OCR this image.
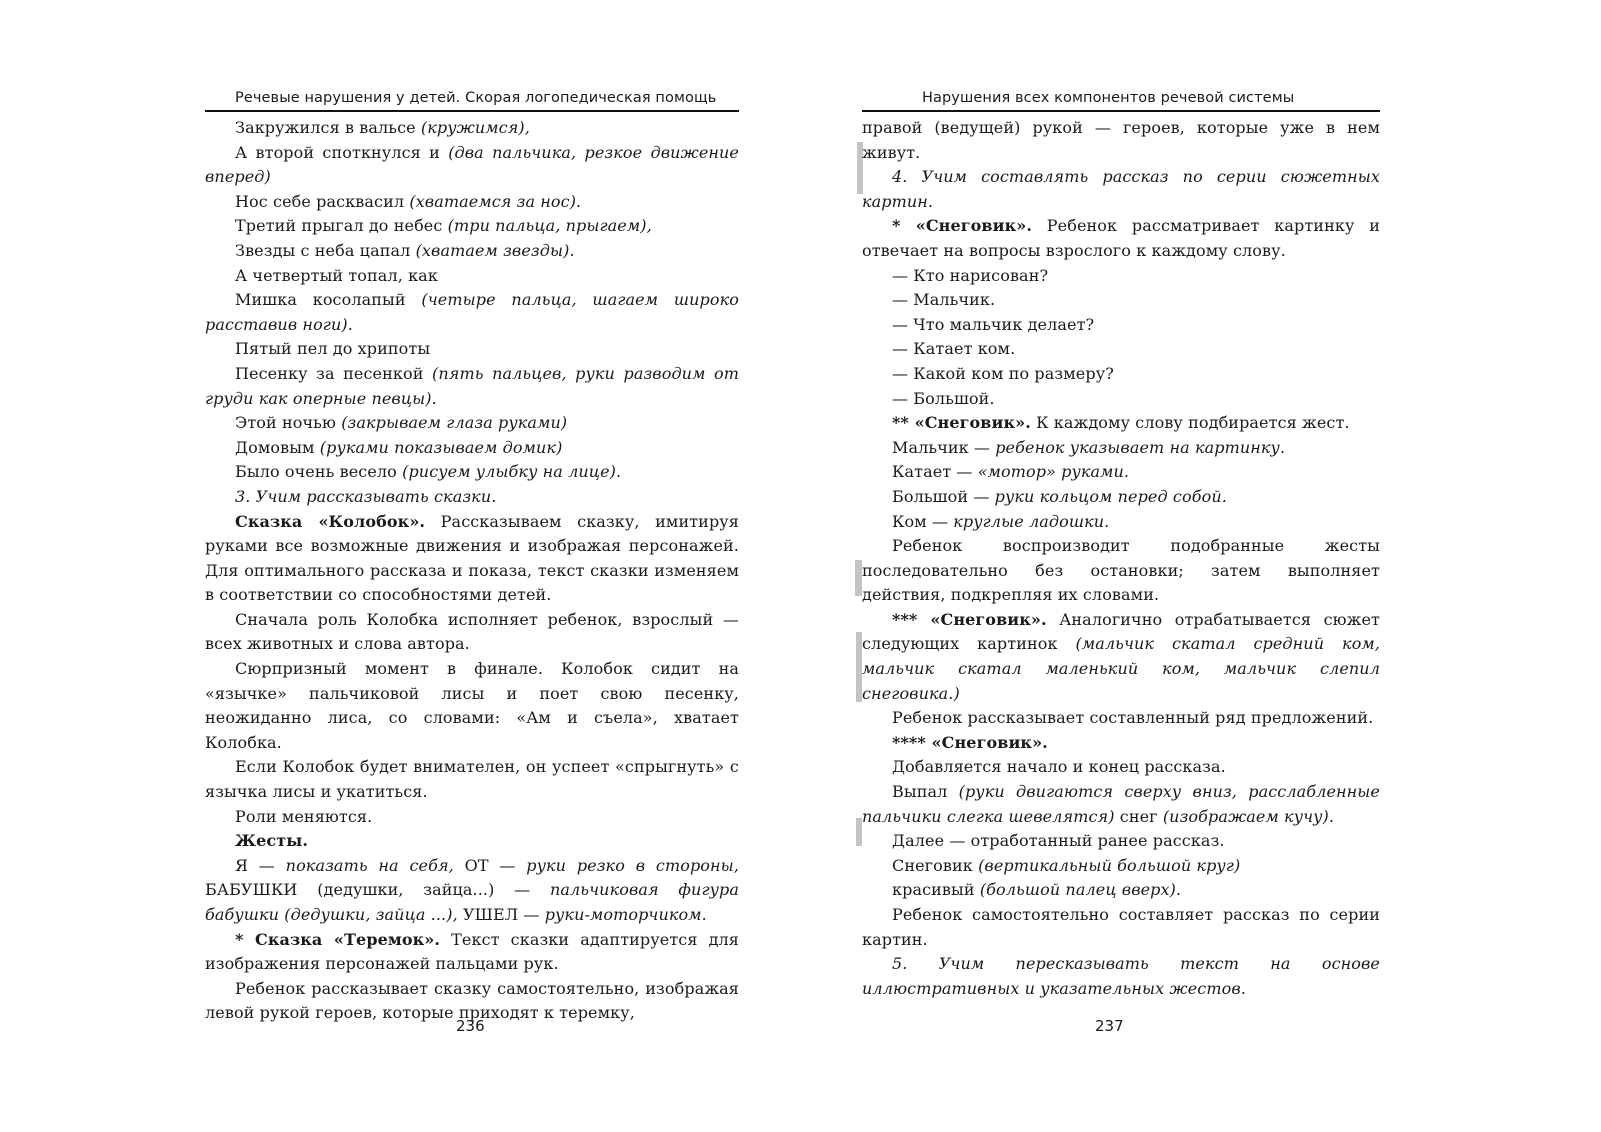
Речевые нарушения у детей. Скорая логопедическая помощь

Закружился в вальсе (кружимся),

А второй споткнулся и (два пальчика, резкое движение вперед)

Нос себе расквасил (хватаемся за нос).

Третий прыгал до небес (три пальца, прыгаем),

Звезды с неба цапал (хватаем звезды).

А четвертый топал, как

Мишка косолапый (четыре пальца, шагаем широко расставив ноги).

Пятый пел до хрипоты

Песенку за песенкой (пять пальцев, руки разводим от груди как оперные певцы).

Этой ночью (закрываем глаза руками)

Домовым (руками показываем домик)

Было очень весело (рисуем улыбку на лице).

3. Учим рассказывать сказки.

Сказка «Колобок». Рассказываем сказку, имитируя руками все возможные движения и изображая персонажей. Для оптимального рассказа и показа, текст сказки изменяем в соответствии со способностями детей.

Сначала роль Колобка исполняет ребенок, взрослый — всех животных и слова автора.

Сюрпризный момент в финале. Колобок сидит на «язычке» пальчиковой лисы и поет свою песенку, неожиданно лиса, со словами: «Ам и съела», хватает Колобка.

Если Колобок будет внимателен, он успеет «спрыгнуть» с язычка лисы и укатиться.

Роли меняются.

Жесты.

Я — показать на себя, ОТ — руки резко в стороны, БАБУШКИ (дедушки, зайца...) — пальчиковая фигура бабушки (дедушки, зайца ...), УШЕЛ — руки-моторчиком.

* Сказка «Теремок». Текст сказки адаптируется для изображения персонажей пальцами рук.

Ребенок рассказывает сказку самостоятельно, изображая левой рукой героев, которые приходят к теремку,

236
Нарушения всех компонентов речевой системы

правой (ведущей) рукой — героев, которые уже в нем живут.

4. Учим составлять рассказ по серии сюжетных картин.

* «Снеговик». Ребенок рассматривает картинку и отвечает на вопросы взрослого к каждому слову.

— Кто нарисован?

— Мальчик.

— Что мальчик делает?

— Катает ком.

— Какой ком по размеру?

— Большой.

** «Снеговик». К каждому слову подбирается жест.

Мальчик — ребенок указывает на картинку.

Катает — «мотор» руками.

Большой — руки кольцом перед собой.

Ком — круглые ладошки.

Ребенок воспроизводит подобранные жесты последовательно без остановки; затем выполняет действия, подкрепляя их словами.

*** «Снеговик». Аналогично отрабатывается сюжет следующих картинок (мальчик скатал средний ком, мальчик скатал маленький ком, мальчик слепил снеговика.)

Ребенок рассказывает составленный ряд предложений.

**** «Снеговик».

Добавляется начало и конец рассказа.

Выпал (руки двигаются сверху вниз, расслабленные пальчики слегка шевелятся) снег (изображаем кучу).

Далее — отработанный ранее рассказ.

Снеговик (вертикальный большой круг)

красивый (большой палец вверх).

Ребенок самостоятельно составляет рассказ по серии картин.

5. Учим пересказывать текст на основе иллюстративных и указательных жестов.

237
